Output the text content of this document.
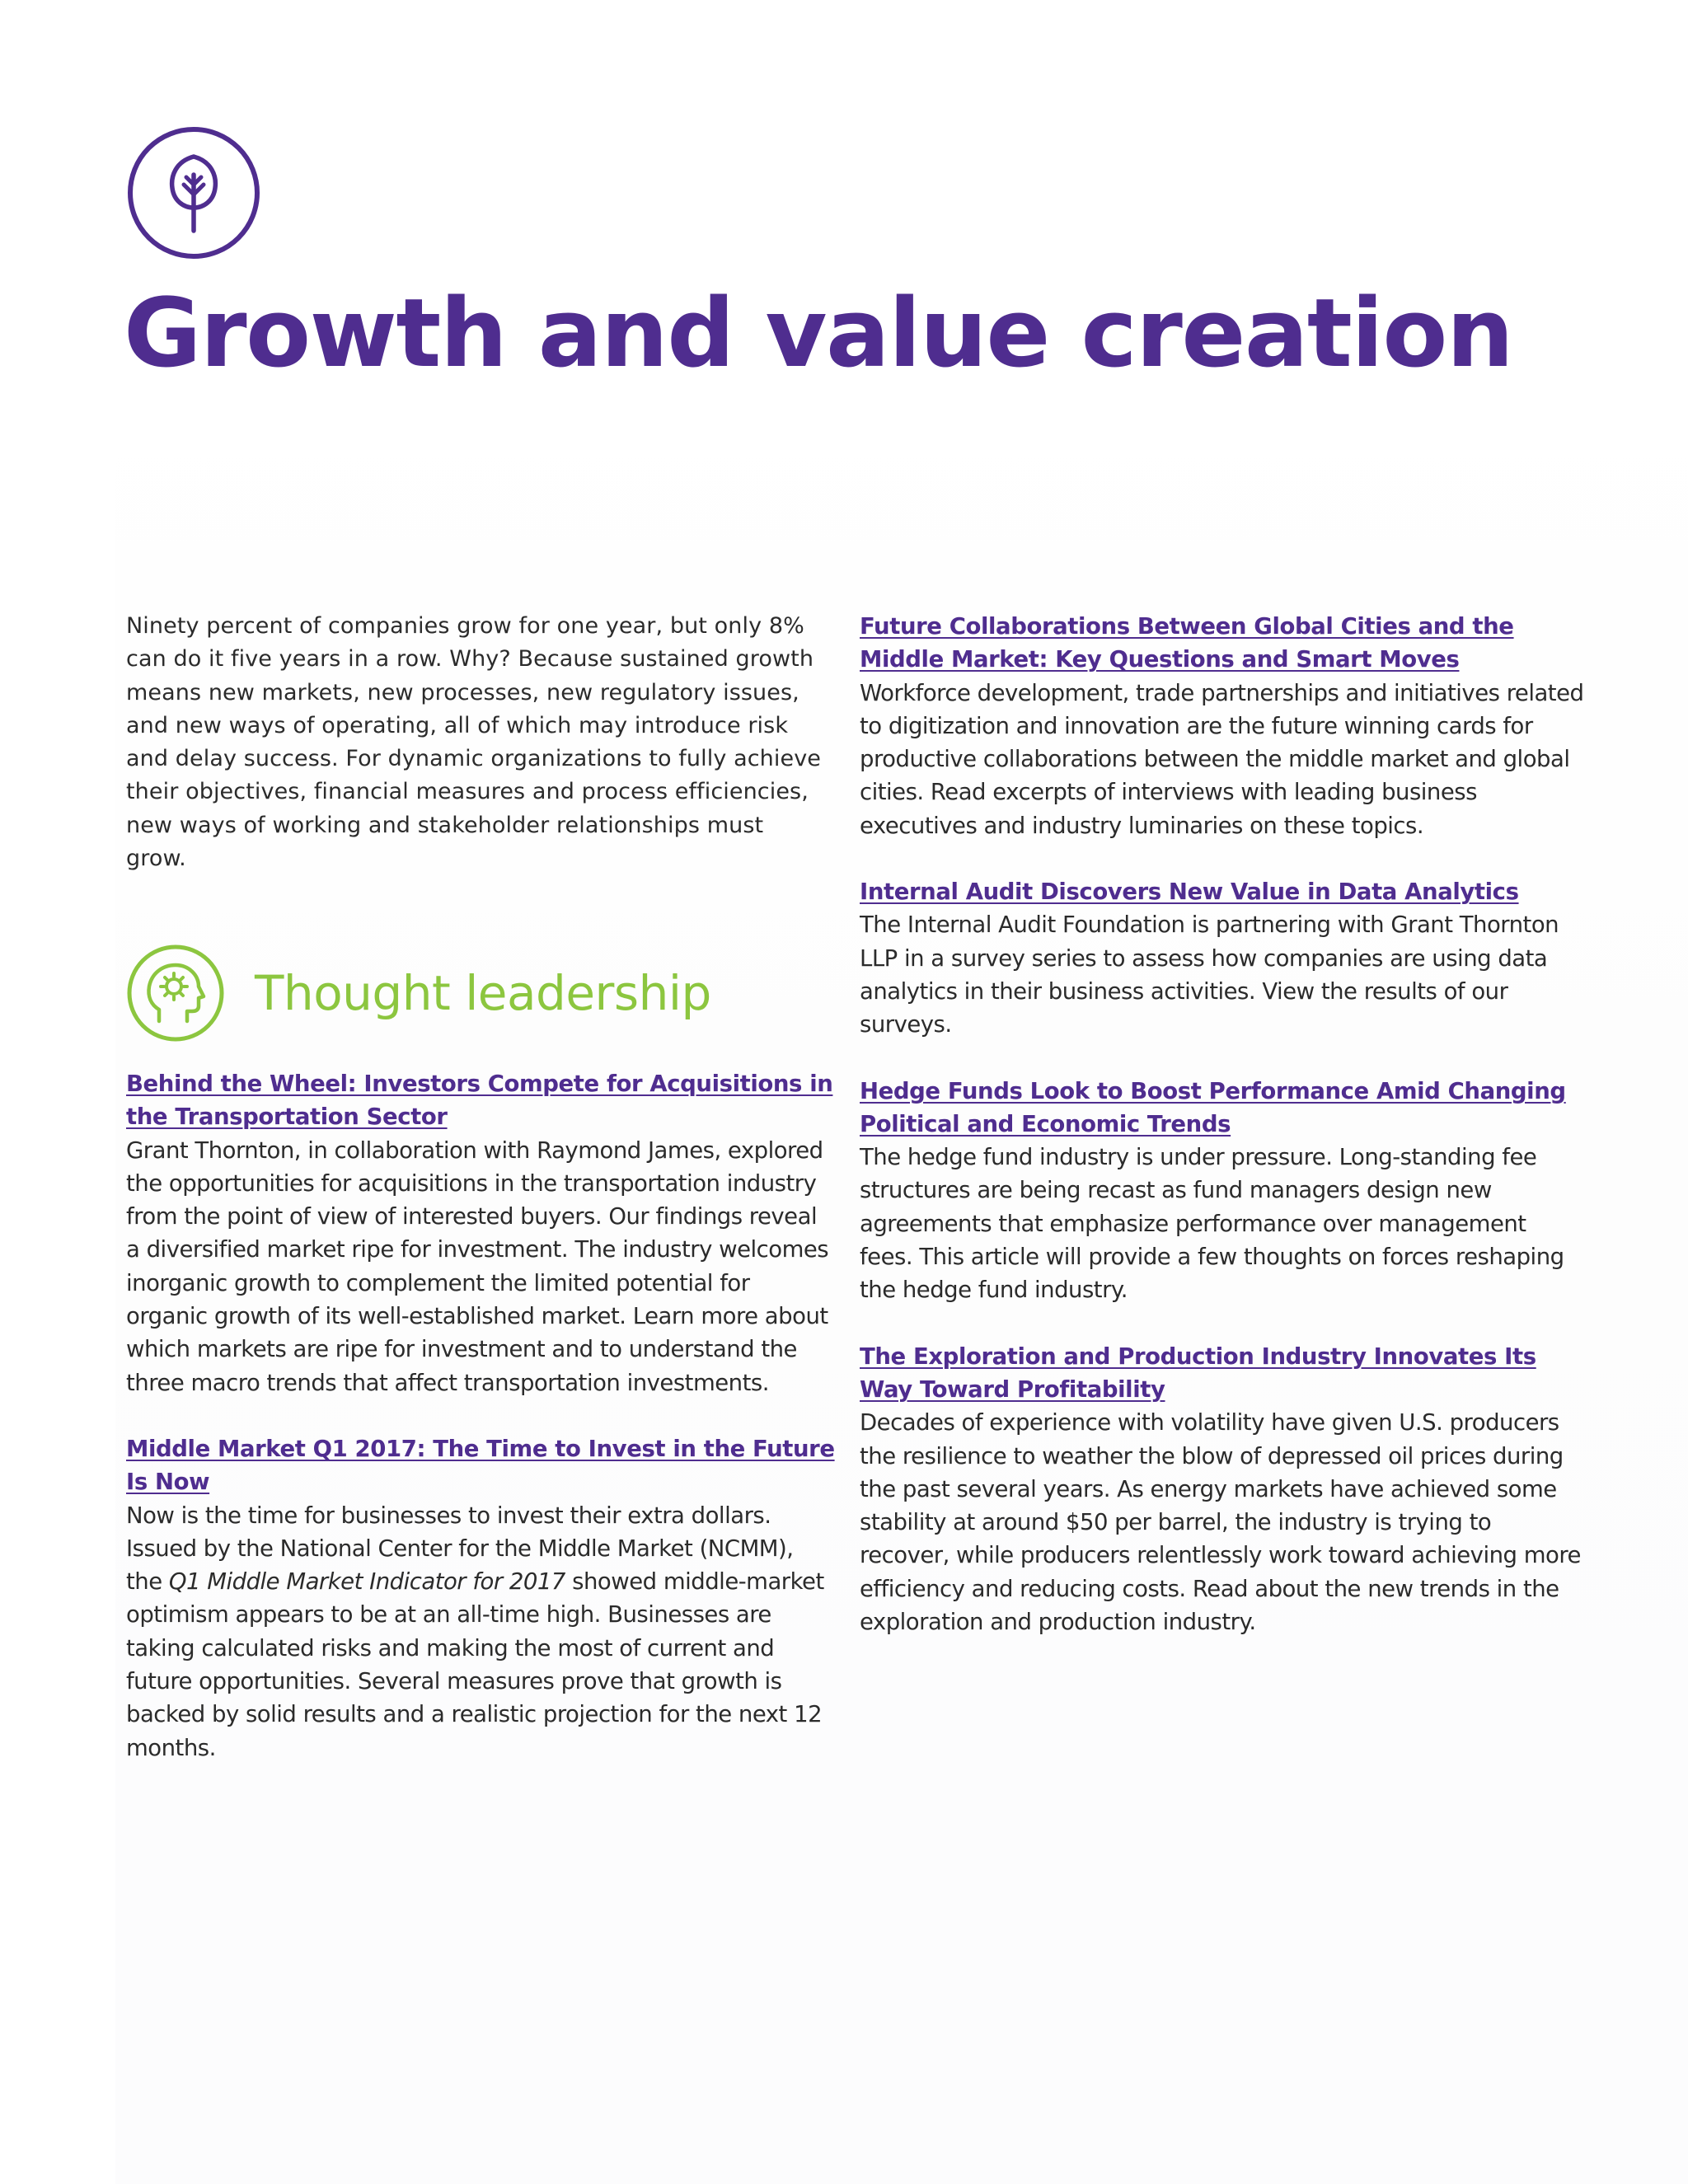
Growth and value creation

Ninety percent of companies grow for one year, but only 8% can do it five years in a row. Why? Because sustained growth means new markets, new processes, new regulatory issues, and new ways of operating, all of which may introduce risk and delay success. For dynamic organizations to fully achieve their objectives, financial measures and process efficiencies, new ways of working and stakeholder relationships must grow.

Thought leadership
Behind the Wheel: Investors Compete for Acquisitions in the Transportation Sector

Grant Thornton, in collaboration with Raymond James, explored the opportunities for acquisitions in the transportation industry from the point of view of interested buyers. Our findings reveal a diversified market ripe for investment. The industry welcomes inorganic growth to complement the limited potential for organic growth of its well-established market. Learn more about which markets are ripe for investment and to understand the three macro trends that affect transportation investments.

Middle Market Q1 2017: The Time to Invest in the Future Is Now

Now is the time for businesses to invest their extra dollars. Issued by the National Center for the Middle Market (NCMM), the Q1 Middle Market Indicator for 2017 showed middle-market optimism appears to be at an all-time high. Businesses are taking calculated risks and making the most of current and future opportunities. Several measures prove that growth is backed by solid results and a realistic projection for the next 12 months.

Future Collaborations Between Global Cities and the Middle Market: Key Questions and Smart Moves

Workforce development, trade partnerships and initiatives related to digitization and innovation are the future winning cards for productive collaborations between the middle market and global cities. Read excerpts of interviews with leading business executives and industry luminaries on these topics.

Internal Audit Discovers New Value in Data Analytics

The Internal Audit Foundation is partnering with Grant Thornton LLP in a survey series to assess how companies are using data analytics in their business activities. View the results of our surveys.

Hedge Funds Look to Boost Performance Amid Changing Political and Economic Trends

The hedge fund industry is under pressure. Long-standing fee structures are being recast as fund managers design new agreements that emphasize performance over management fees. This article will provide a few thoughts on forces reshaping the hedge fund industry.

The Exploration and Production Industry Innovates Its Way Toward Profitability

Decades of experience with volatility have given U.S. producers the resilience to weather the blow of depressed oil prices during the past several years. As energy markets have achieved some stability at around $50 per barrel, the industry is trying to recover, while producers relentlessly work toward achieving more efficiency and reducing costs. Read about the new trends in the exploration and production industry.
